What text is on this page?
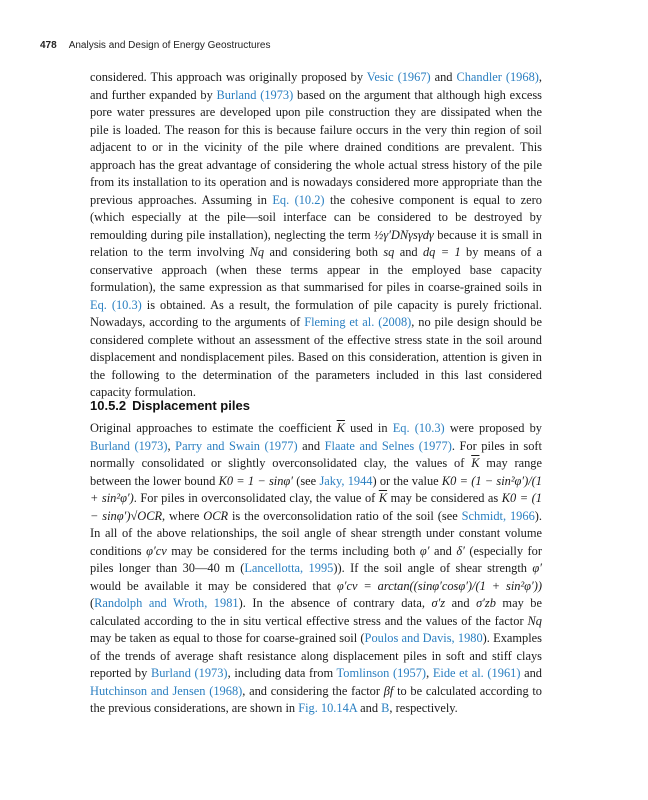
478 Analysis and Design of Energy Geostructures
considered. This approach was originally proposed by Vesic (1967) and Chandler (1968), and further expanded by Burland (1973) based on the argument that although high excess pore water pressures are developed upon pile construction they are dissipated when the pile is loaded. The reason for this is because failure occurs in the very thin region of soil adjacent to or in the vicinity of the pile where drained conditions are prevalent. This approach has the great advantage of considering the whole actual stress history of the pile from its installation to its operation and is nowadays considered more appropriate than the previous approaches. Assuming in Eq. (10.2) the cohesive component is equal to zero (which especially at the pile—soil interface can be considered to be destroyed by remoulding during pile installation), neglecting the term ½γ′DNγsγdγ because it is small in relation to the term involving Nq and considering both sq and dq = 1 by means of a conservative approach (when these terms appear in the employed base capacity formulation), the same expression as that summarised for piles in coarse-grained soils in Eq. (10.3) is obtained. As a result, the formulation of pile capacity is purely frictional. Nowadays, according to the arguments of Fleming et al. (2008), no pile design should be considered complete without an assessment of the effective stress state in the soil around displacement and nondisplacement piles. Based on this consideration, attention is given in the following to the determination of the parameters included in this last considered capacity formulation.
10.5.2 Displacement piles
Original approaches to estimate the coefficient $\overline{K}$ used in Eq. (10.3) were proposed by Burland (1973), Parry and Swain (1977) and Flaate and Selnes (1977). For piles in soft normally consolidated or slightly overconsolidated clay, the values of $\overline{K}$ may range between the lower bound K0 = 1 − sinφ′ (see Jaky, 1944) or the value K0 = (1 − sin²φ′)/(1 + sin²φ′). For piles in overconsolidated clay, the value of $\overline{K}$ may be considered as K0 = (1 − sinφ′)√OCR, where OCR is the overconsolidation ratio of the soil (see Schmidt, 1966). In all of the above relationships, the soil angle of shear strength under constant volume conditions φ′cv may be considered for the terms including both φ′ and δ′ (especially for piles longer than 30—40 m (Lancellotta, 1995)). If the soil angle of shear strength φ′ would be available it may be considered that φ′cv = arctan((sinφ′cosφ′)/(1 + sin²φ′)) (Randolph and Wroth, 1981). In the absence of contrary data, σ′z and σ′zb may be calculated according to the in situ vertical effective stress and the values of the factor Nq may be taken as equal to those for coarse-grained soil (Poulos and Davis, 1980). Examples of the trends of average shaft resistance along displacement piles in soft and stiff clays reported by Burland (1973), including data from Tomlinson (1957), Eide et al. (1961) and Hutchinson and Jensen (1968), and considering the factor βf to be calculated according to the previous considerations, are shown in Fig. 10.14A and B, respectively.
